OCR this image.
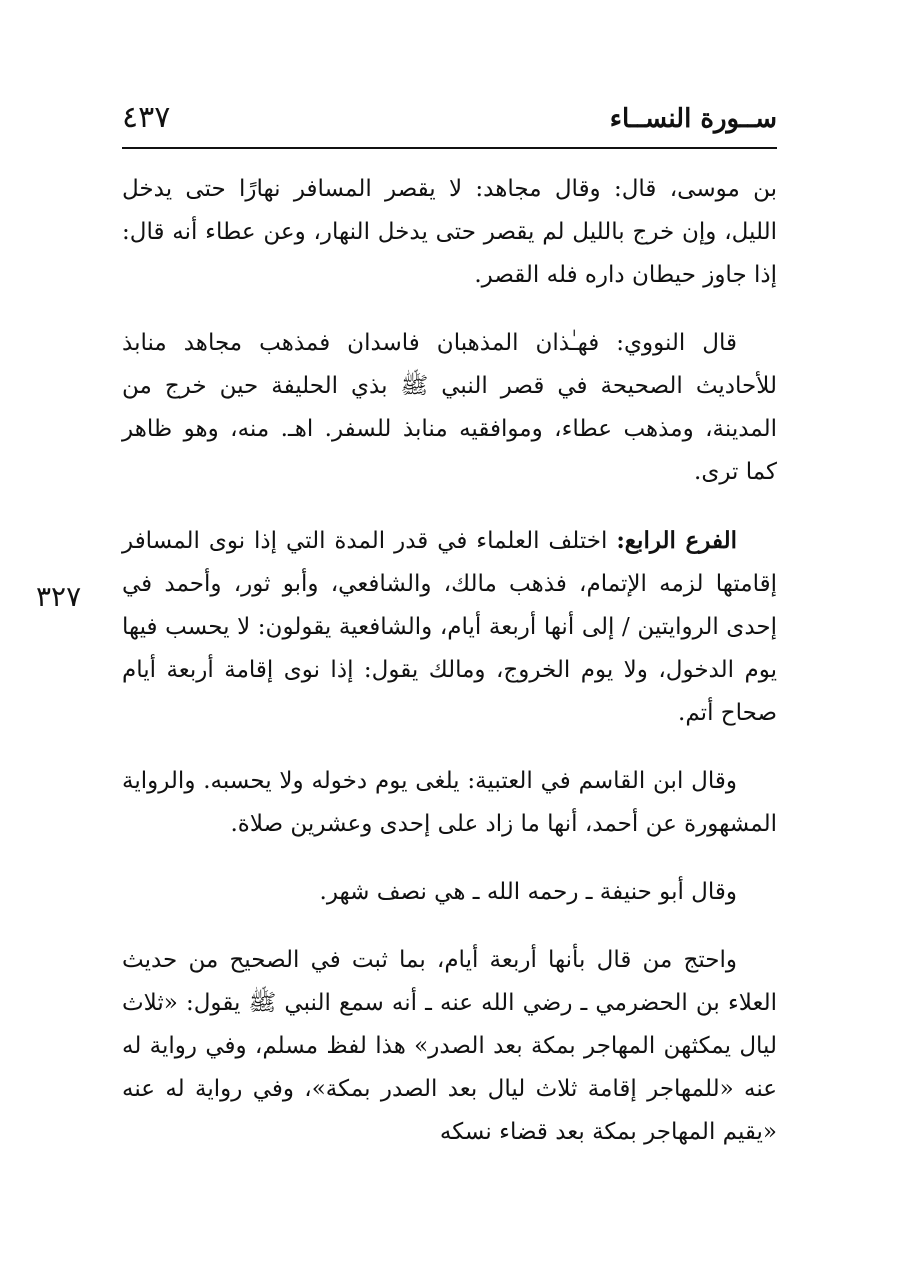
ســورة النســاء
٤٣٧
٣٢٧

بن موسى، قال: وقال مجاهد: لا يقصر المسافر نهارًا حتى يدخل الليل، وإن خرج بالليل لم يقصر حتى يدخل النهار، وعن عطاء أنه قال: إذا جاوز حيطان داره فله القصر.

قال النووي: فهـٰذان المذهبان فاسدان فمذهب مجاهد منابذ للأحاديث الصحيحة في قصر النبي ﷺ بذي الحليفة حين خرج من المدينة، ومذهب عطاء، وموافقيه منابذ للسفر. اهـ. منه، وهو ظاهر كما ترى.

الفرع الرابع: اختلف العلماء في قدر المدة التي إذا نوى المسافر إقامتها لزمه الإتمام، فذهب مالك، والشافعي، وأبو ثور، وأحمد في إحدى الروايتين / إلى أنها أربعة أيام، والشافعية يقولون: لا يحسب فيها يوم الدخول، ولا يوم الخروج، ومالك يقول: إذا نوى إقامة أربعة أيام صحاح أتم.

وقال ابن القاسم في العتبية: يلغى يوم دخوله ولا يحسبه. والرواية المشهورة عن أحمد، أنها ما زاد على إحدى وعشرين صلاة.

وقال أبو حنيفة ـ رحمه الله ـ هي نصف شهر.

واحتج من قال بأنها أربعة أيام، بما ثبت في الصحيح من حديث العلاء بن الحضرمي ـ رضي الله عنه ـ أنه سمع النبي ﷺ يقول: «ثلاث ليال يمكثهن المهاجر بمكة بعد الصدر» هذا لفظ مسلم، وفي رواية له عنه «للمهاجر إقامة ثلاث ليال بعد الصدر بمكة»، وفي رواية له عنه «يقيم المهاجر بمكة بعد قضاء نسكه
